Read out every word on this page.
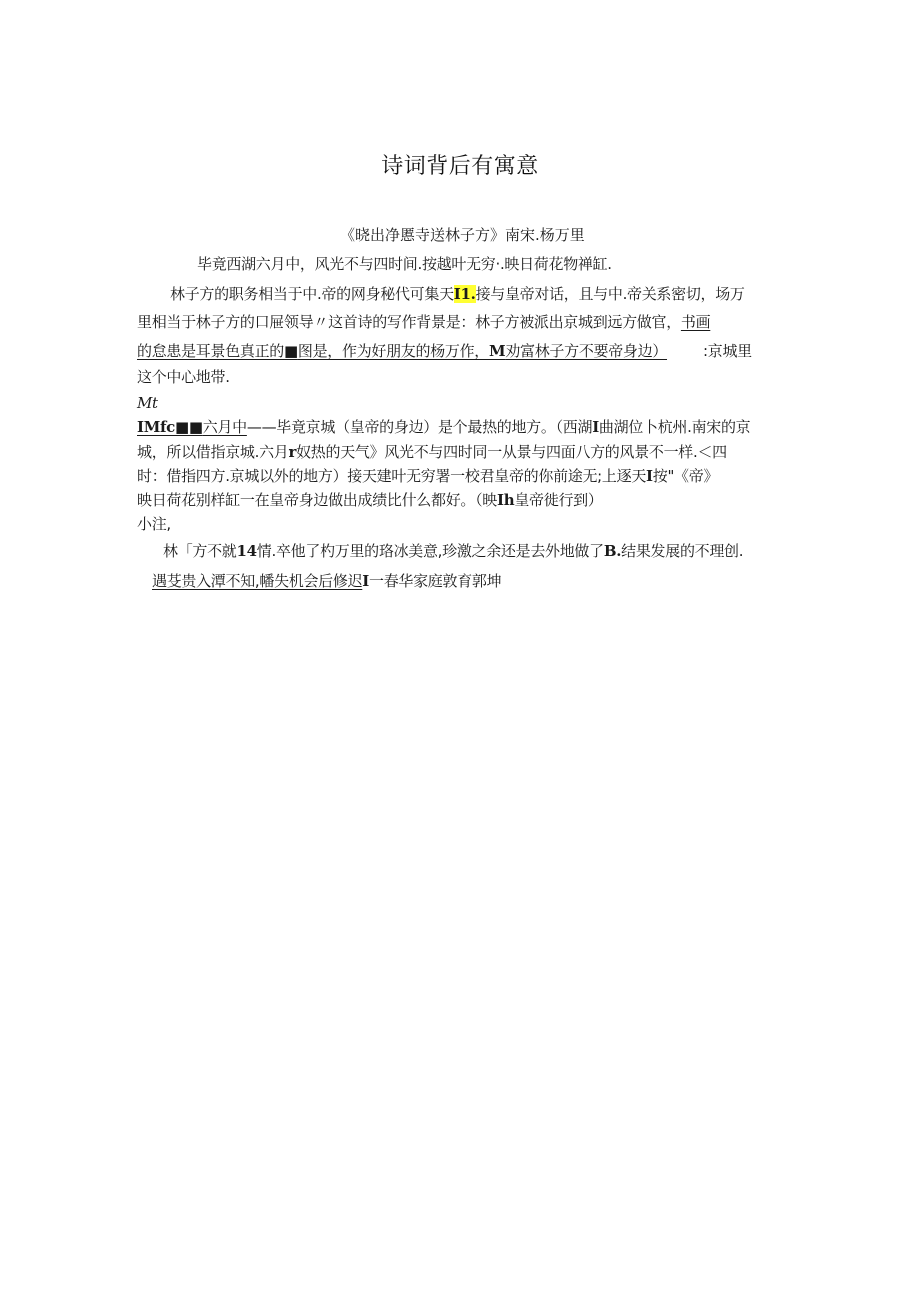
诗词背后有寓意
《晓出净慝寺送林子方》南宋.杨万里
毕竟西湖六月中，风光不与四时间.按越叶无穷·.映日荷花物禅缸.
林子方的职务相当于中.帝的网身秘代可集天I1.接与皇帝对话，且与中.帝关系密切，场万
里相当于林子方的口屉领导〃这首诗的写作背景是：林子方被派出京城到远方做官，书画
的怠患是耳景色真正的■图是，作为好朋友的杨万作，M劝富林子方不要帝身边） :京城里
这个中心地带.
Mt
IMfc■■六月中——毕竟京城（皇帝的身边）是个最热的地方。（西湖I曲湖位卜杭州.南宋的京
城，所以借指京城.六月r奴热的天气》风光不与四时同一从景与四面八方的风景不一样.＜四
时：借指四方.京城以外的地方）接天建叶无穷署一校君皇帝的你前途无;上逐天I按"《帝》
映日荷花别样缸一在皇帝身边做出成绩比什么都好。（映Ih皇帝徙行到）
小注,
林「方不就14情.卒他了杓万里的珞冰美意,珍激之余还是去外地做了B.结果发展的不理创.
遇芟贵入潭不知,幡失机会后修迟I一春华家庭敦育郭坤
